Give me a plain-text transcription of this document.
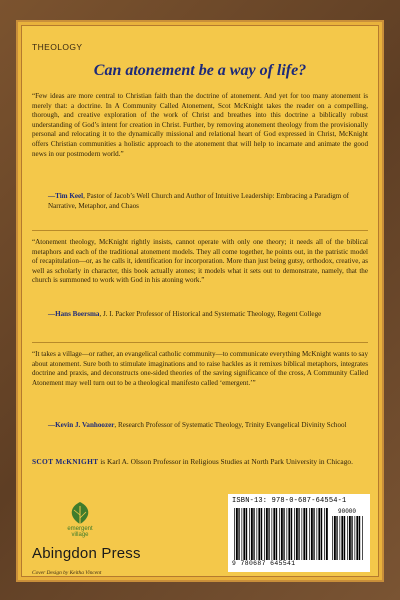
THEOLOGY
Can atonement be a way of life?
“Few ideas are more central to Christian faith than the doctrine of atonement. And yet for too many atonement is merely that: a doctrine. In A Community Called Atonement, Scot McKnight takes the reader on a compelling, thorough, and creative exploration of the work of Christ and breathes into this doctrine a biblically robust understanding of God’s intent for creation in Christ. Further, by removing atonement theology from the provisionally personal and relocating it to the dynamically missional and relational heart of God expressed in Christ, McKnight offers Christian communities a holistic approach to the atonement that will help to incarnate and animate the good news in our postmodern world.”
—Tim Keel, Pastor of Jacob’s Well Church and Author of Intuitive Leadership: Embracing a Paradigm of Narrative, Metaphor, and Chaos
“Atonement theology, McKnight rightly insists, cannot operate with only one theory; it needs all of the biblical metaphors and each of the traditional atonement models. They all come together, he points out, in the patristic model of recapitulation—or, as he calls it, identification for incorporation. More than just being gutsy, orthodox, creative, as well as scholarly in character, this book actually atones; it models what it sets out to demonstrate, namely, that the church is summoned to work with God in his atoning work.”
—Hans Boersma, J. I. Packer Professor of Historical and Systematic Theology, Regent College
“It takes a village—or rather, an evangelical catholic community—to communicate everything McKnight wants to say about atonement. Sure both to stimulate imaginations and to raise hackles as it remixes biblical metaphors, integrates doctrine and praxis, and deconstructs one-sided theories of the saving significance of the cross, A Community Called Atonement may well turn out to be a theological manifesto called ‘emergent.’”
—Kevin J. Vanhoozer, Research Professor of Systematic Theology, Trinity Evangelical Divinity School
SCOT McKNIGHT is Karl A. Olsson Professor in Religious Studies at North Park University in Chicago.
emergent
village
Abingdon Press
Cover Design by Keitha Vincent
ISBN-13: 978-0-687-64554-1
90000
9 780687 645541
